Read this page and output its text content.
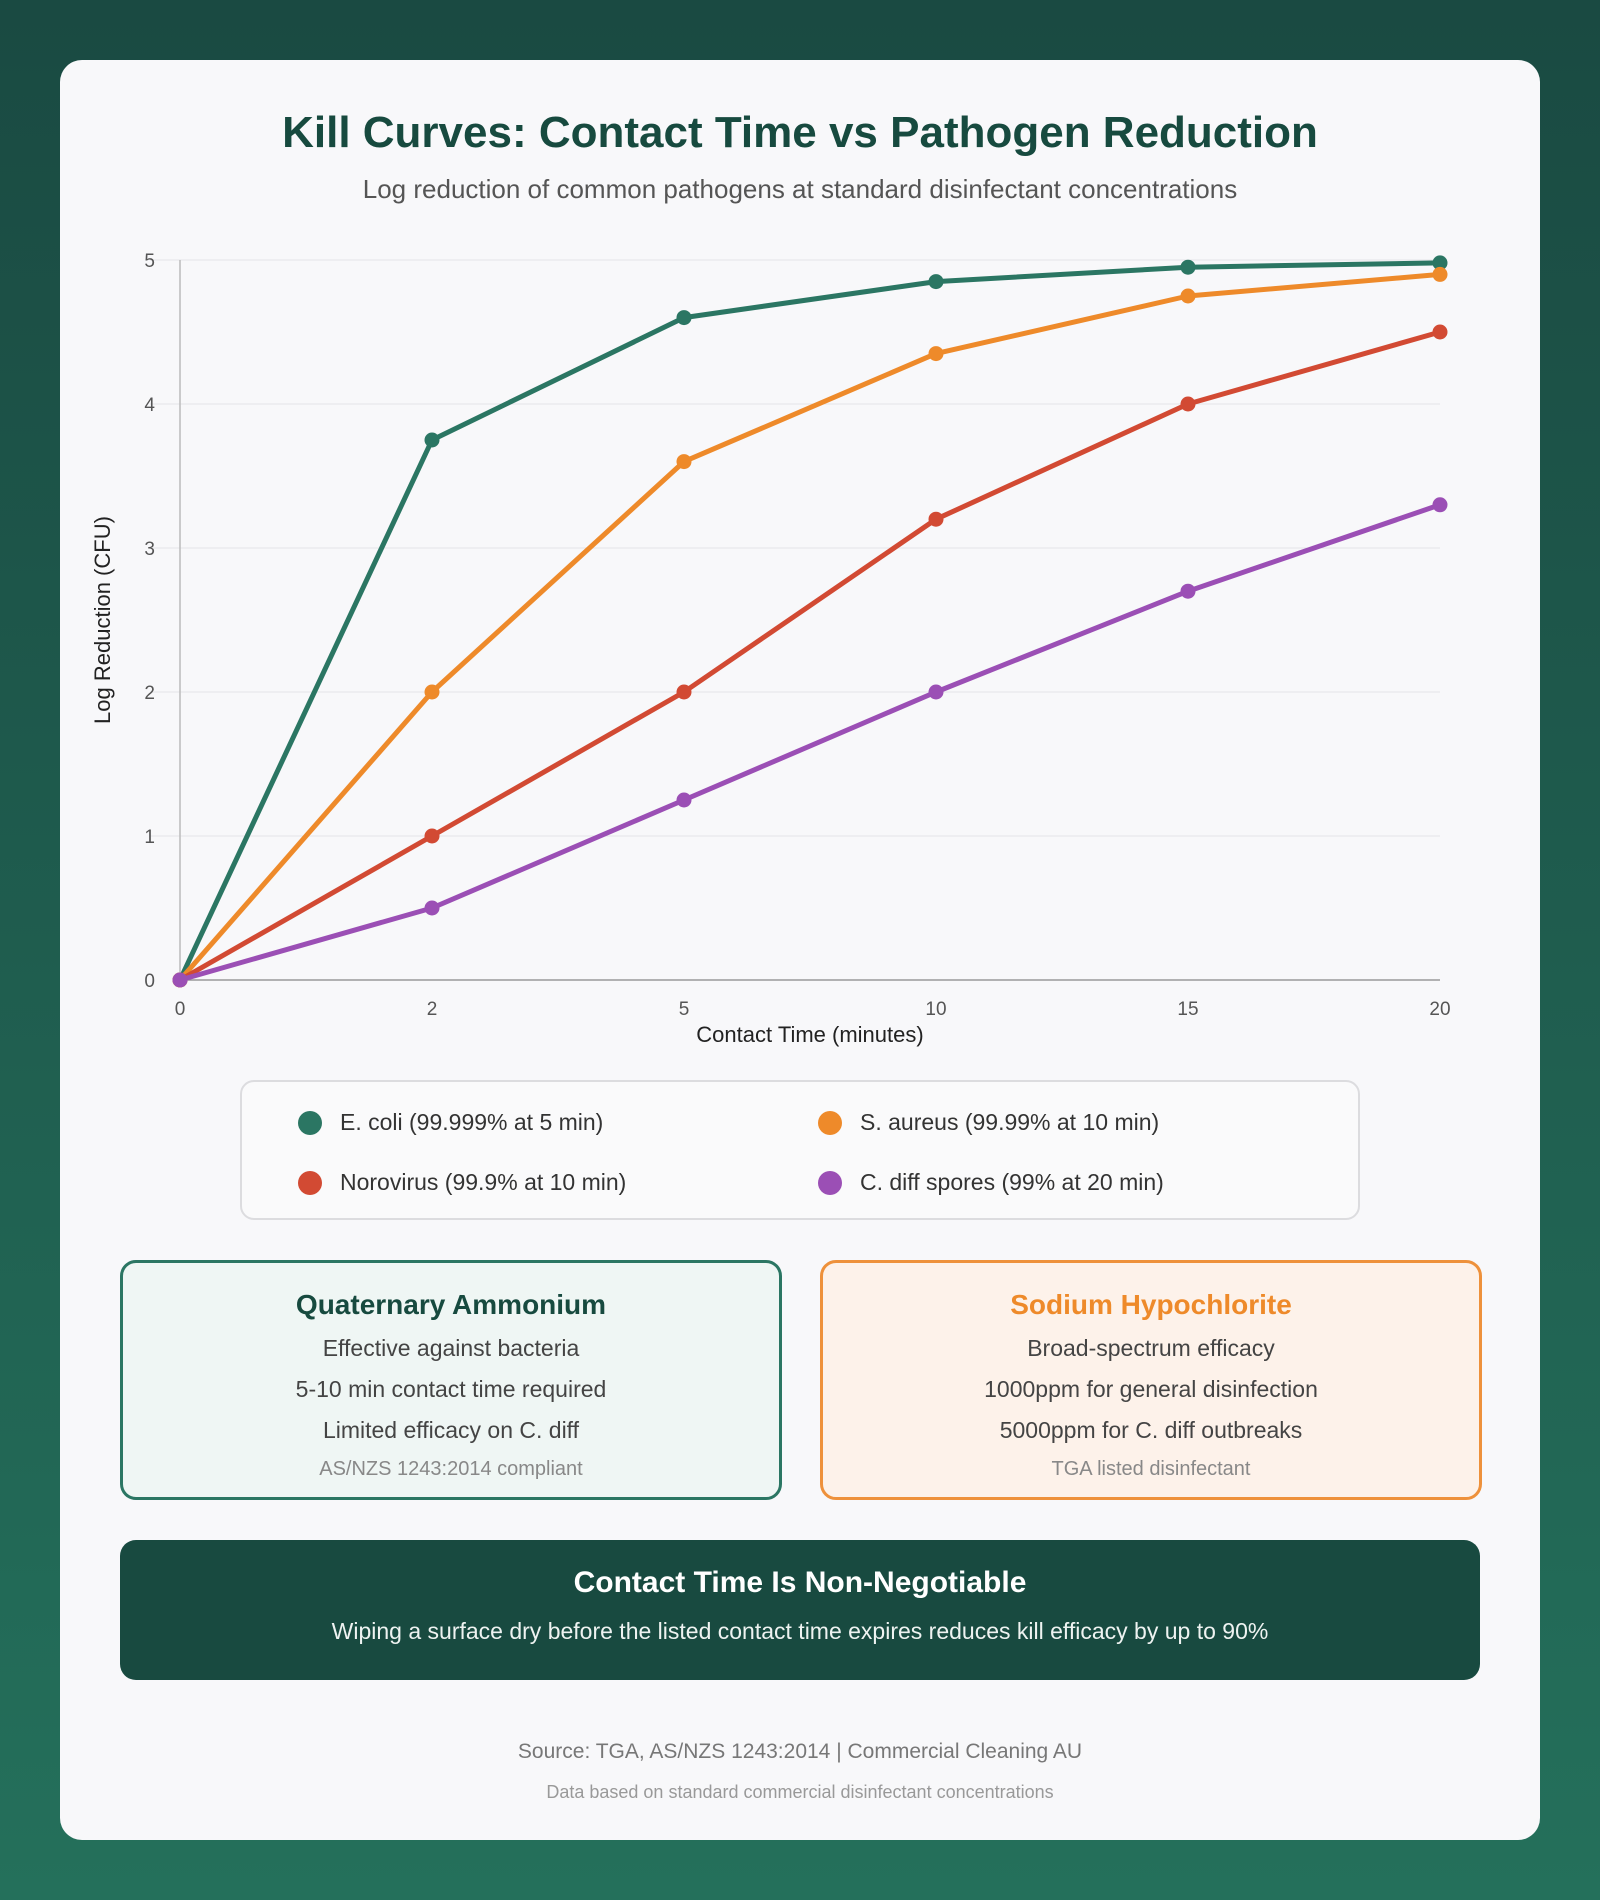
Kill Curves: Contact Time vs Pathogen Reduction

Log reduction of common pathogens at standard disinfectant concentrations

0
1
2
3
4
5
0	2	5	10	15	20
Contact Time (minutes)
Log Reduction (CFU)
E. coli (99.999% at 5 min)	S. aureus (99.99% at 10 min)
Norovirus (99.9% at 10 min)	C. diff spores (99% at 20 min)
Quaternary Ammonium
Effective against bacteria
5-10 min contact time required
Limited efficacy on C. diff
AS/NZS 1243:2014 compliant
Sodium Hypochlorite
Broad-spectrum efficacy
1000ppm for general disinfection
5000ppm for C. diff outbreaks
TGA listed disinfectant
Contact Time Is Non-Negotiable
Wiping a surface dry before the listed contact time expires reduces kill efficacy by up to 90%
Source: TGA, AS/NZS 1243:2014 | Commercial Cleaning AU
Data based on standard commercial disinfectant concentrations
